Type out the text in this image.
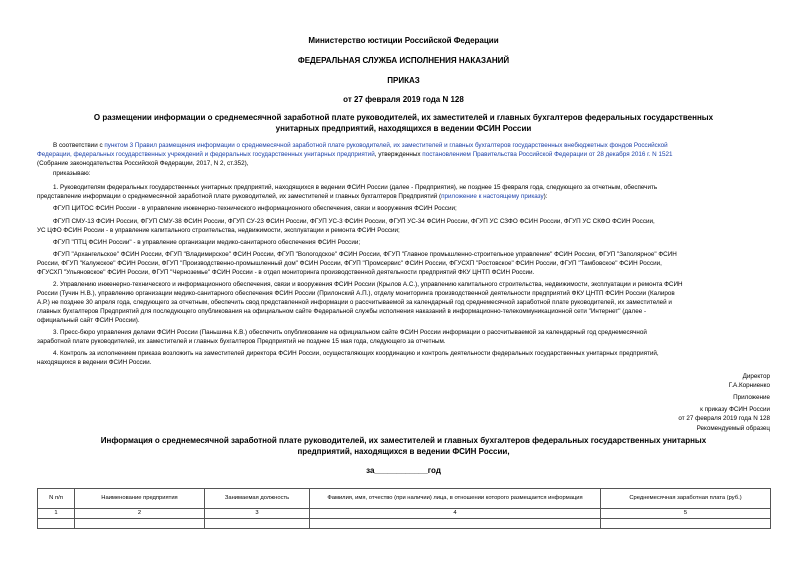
Министерство юстиции Российской Федерации
ФЕДЕРАЛЬНАЯ СЛУЖБА ИСПОЛНЕНИЯ НАКАЗАНИЙ
ПРИКАЗ
от 27 февраля 2019 года N 128
О размещении информации о среднемесячной заработной плате руководителей, их заместителей и главных бухгалтеров федеральных государственных
унитарных предприятий, находящихся в ведении ФСИН России
В соответствии с пунктом 3 Правил размещения информации о среднемесячной заработной плате руководителей, их заместителей и главных бухгалтеров государственных внебюджетных фондов Российской
Федерации, федеральных государственных учреждений и федеральных государственных унитарных предприятий, утвержденных постановлением Правительства Российской Федерации от 28 декабря 2016 г. N 1521
(Собрание законодательства Российской Федерации, 2017, N 2, ст.352),
приказываю:
1. Руководителям федеральных государственных унитарных предприятий, находящихся в ведении ФСИН России (далее - Предприятия), не позднее 15 февраля года, следующего за отчетным, обеспечить
представление информации о среднемесячной заработной плате руководителей, их заместителей и главных бухгалтеров Предприятий (приложение к настоящему приказу):
ФГУП ЦИТОС ФСИН России - в управление инженерно-технического информационного обеспечения, связи и вооружения ФСИН России;
ФГУП СМУ-13 ФСИН России, ФГУП СМУ-38 ФСИН России, ФГУП СУ-23 ФСИН России, ФГУП УС-3 ФСИН России, ФГУП УС-34 ФСИН России, ФГУП УС СЗФО ФСИН России, ФГУП УС СКФО ФСИН России,
УС ЦФО ФСИН России - в управление капитального строительства, недвижимости, эксплуатации и ремонта ФСИН России;
ФГУП "ПТЦ ФСИН России" - в управление организации медико-санитарного обеспечения ФСИН России;
ФГУП "Архангельское" ФСИН России, ФГУП "Владимирское" ФСИН России, ФГУП "Вологодское" ФСИН России, ФГУП "Главное промышленно-строительное управление" ФСИН России, ФГУП "Заполярное" ФСИН
России, ФГУП "Калужское" ФСИН России, ФГУП "Производственно-промышленный дом" ФСИН России, ФГУП "Промсервис" ФСИН России, ФГУСХП "Ростовское" ФСИН России, ФГУП "Тамбовское" ФСИН России,
ФГУСХП "Ульяновское" ФСИН России, ФГУП "Черноземье" ФСИН России - в отдел мониторинга производственной деятельности предприятий ФКУ ЦНТП ФСИН России.
2. Управлению инженерно-технического и информационного обеспечения, связи и вооружения ФСИН России (Крылов А.С.), управлению капитального строительства, недвижимости, эксплуатации и ремонта ФСИН
России (Тучин Н.В.), управлению организации медико-санитарного обеспечения ФСИН России (Прилонский А.П.), отделу мониторинга производственной деятельности предприятий ФКУ ЦНТП ФСИН России (Калиров
А.Р.) не позднее 30 апреля года, следующего за отчетным, обеспечить свод представленной информации о рассчитываемой за календарный год среднемесячной заработной плате руководителей, их заместителей и
главных бухгалтеров Предприятий для последующего опубликования на официальном сайте Федеральной службы исполнения наказаний в информационно-телекоммуникационной сети "Интернет" (далее -
официальный сайт ФСИН России).
3. Пресс-бюро управления делами ФСИН России (Паньшина К.В.) обеспечить опубликование на официальном сайте ФСИН России информации о рассчитываемой за календарный год среднемесячной
заработной плате руководителей, их заместителей и главных бухгалтеров Предприятий не позднее 15 мая года, следующего за отчетным.
4. Контроль за исполнением приказа возложить на заместителей директора ФСИН России, осуществляющих координацию и контроль деятельности федеральных государственных унитарных предприятий,
находящихся в ведении ФСИН России.
Директор
Г.А.Корниенко
Приложение
к приказу ФСИН России
от 27 февраля 2019 года N 128
Рекомендуемый образец
Информация о среднемесячной заработной плате руководителей, их заместителей и главных бухгалтеров федеральных государственных унитарных
предприятий, находящихся в ведении ФСИН России,
за____________год
N п/п	Наименование предприятия	Занимаемая должность	Фамилия, имя, отчество (при наличии) лица, в отношении которого размещается информация	Среднемесячная заработная плата (руб.)
1	2	3	4	5
